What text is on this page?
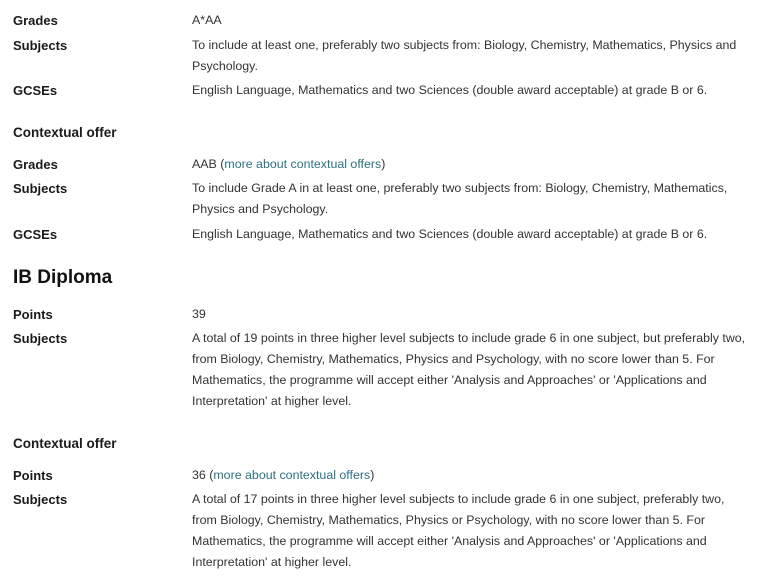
Grades	A*AA
Subjects	To include at least one, preferably two subjects from: Biology, Chemistry, Mathematics, Physics and Psychology.
GCSEs	English Language, Mathematics and two Sciences (double award acceptable) at grade B or 6.
Contextual offer
Grades	AAB (more about contextual offers)
Subjects	To include Grade A in at least one, preferably two subjects from: Biology, Chemistry, Mathematics, Physics and Psychology.
GCSEs	English Language, Mathematics and two Sciences (double award acceptable) at grade B or 6.
IB Diploma
Points	39
Subjects	A total of 19 points in three higher level subjects to include grade 6 in one subject, but preferably two, from Biology, Chemistry, Mathematics, Physics and Psychology, with no score lower than 5. For Mathematics, the programme will accept either 'Analysis and Approaches' or 'Applications and Interpretation' at higher level.
Contextual offer
Points	36 (more about contextual offers)
Subjects	A total of 17 points in three higher level subjects to include grade 6 in one subject, preferably two, from Biology, Chemistry, Mathematics, Physics or Psychology, with no score lower than 5. For Mathematics, the programme will accept either 'Analysis and Approaches' or 'Applications and Interpretation' at higher level.
